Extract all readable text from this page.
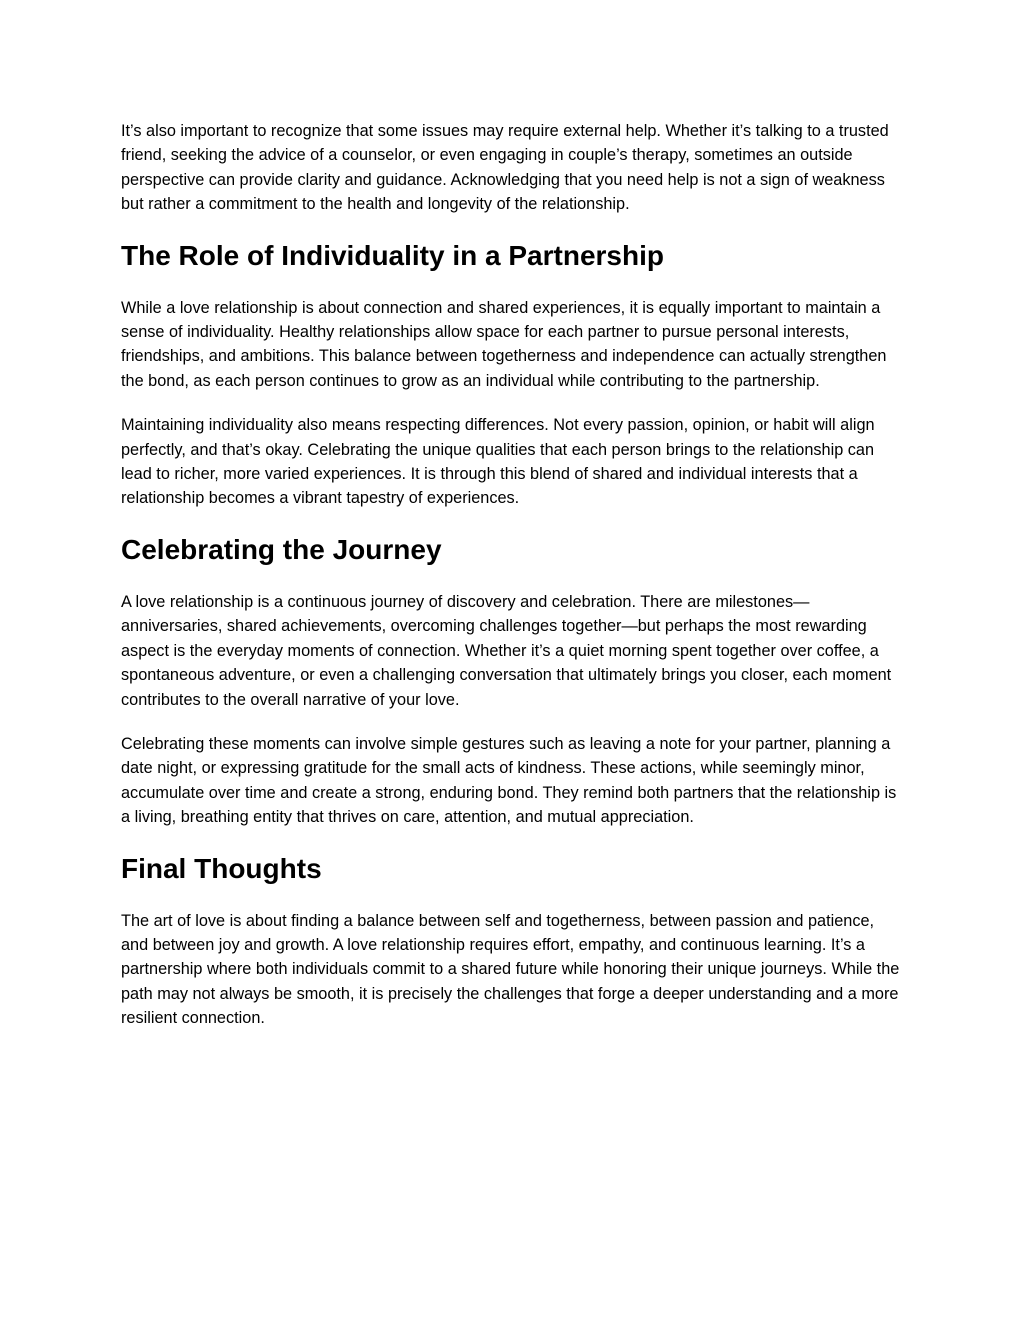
It’s also important to recognize that some issues may require external help. Whether it’s talking to a trusted friend, seeking the advice of a counselor, or even engaging in couple’s therapy, sometimes an outside perspective can provide clarity and guidance. Acknowledging that you need help is not a sign of weakness but rather a commitment to the health and longevity of the relationship.

The Role of Individuality in a Partnership

While a love relationship is about connection and shared experiences, it is equally important to maintain a sense of individuality. Healthy relationships allow space for each partner to pursue personal interests, friendships, and ambitions. This balance between togetherness and independence can actually strengthen the bond, as each person continues to grow as an individual while contributing to the partnership.

Maintaining individuality also means respecting differences. Not every passion, opinion, or habit will align perfectly, and that’s okay. Celebrating the unique qualities that each person brings to the relationship can lead to richer, more varied experiences. It is through this blend of shared and individual interests that a relationship becomes a vibrant tapestry of experiences.

Celebrating the Journey

A love relationship is a continuous journey of discovery and celebration. There are milestones—anniversaries, shared achievements, overcoming challenges together—but perhaps the most rewarding aspect is the everyday moments of connection. Whether it’s a quiet morning spent together over coffee, a spontaneous adventure, or even a challenging conversation that ultimately brings you closer, each moment contributes to the overall narrative of your love.

Celebrating these moments can involve simple gestures such as leaving a note for your partner, planning a date night, or expressing gratitude for the small acts of kindness. These actions, while seemingly minor, accumulate over time and create a strong, enduring bond. They remind both partners that the relationship is a living, breathing entity that thrives on care, attention, and mutual appreciation.

Final Thoughts

The art of love is about finding a balance between self and togetherness, between passion and patience, and between joy and growth. A love relationship requires effort, empathy, and continuous learning. It’s a partnership where both individuals commit to a shared future while honoring their unique journeys. While the path may not always be smooth, it is precisely the challenges that forge a deeper understanding and a more resilient connection.
